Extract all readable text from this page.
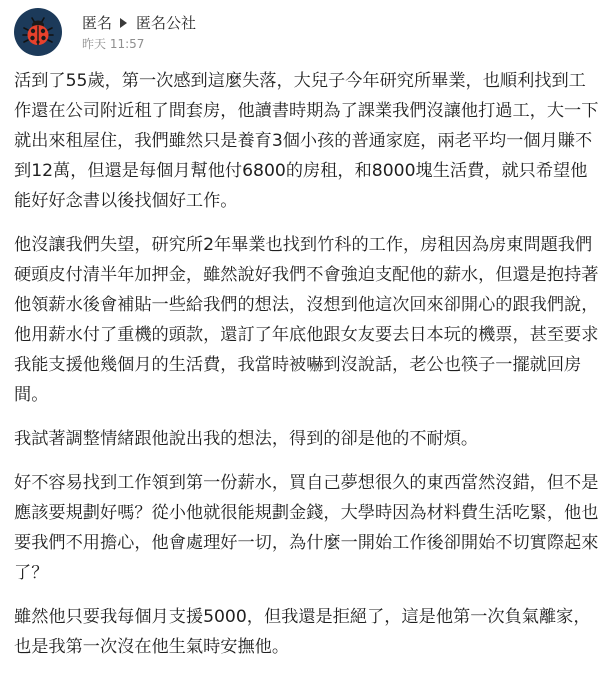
匿名 匿名公社
昨天 11:57

活到了55歲，第一次感到這麼失落，大兒子今年研究所畢業，也順利找到工作還在公司附近租了間套房，他讀書時期為了課業我們沒讓他打過工，大一下就出來租屋住，我們雖然只是養育3個小孩的普通家庭，兩老平均一個月賺不到12萬，但還是每個月幫他付6800的房租，和8000塊生活費，就只希望他能好好念書以後找個好工作。

他沒讓我們失望，研究所2年畢業也找到竹科的工作，房租因為房東問題我們硬頭皮付清半年加押金，雖然說好我們不會強迫支配他的薪水，但還是抱持著他領薪水後會補貼一些給我們的想法，沒想到他這次回來卻開心的跟我們說，他用薪水付了重機的頭款，還訂了年底他跟女友要去日本玩的機票，甚至要求我能支援他幾個月的生活費，我當時被嚇到沒說話，老公也筷子一擺就回房間。

我試著調整情緒跟他說出我的想法，得到的卻是他的不耐煩。

好不容易找到工作領到第一份薪水，買自己夢想很久的東西當然沒錯，但不是應該要規劃好嗎？從小他就很能規劃金錢，大學時因為材料費生活吃緊，他也要我們不用擔心，他會處理好一切，為什麼一開始工作後卻開始不切實際起來了？

雖然他只要我每個月支援5000，但我還是拒絕了，這是他第一次負氣離家，也是我第一次沒在他生氣時安撫他。
